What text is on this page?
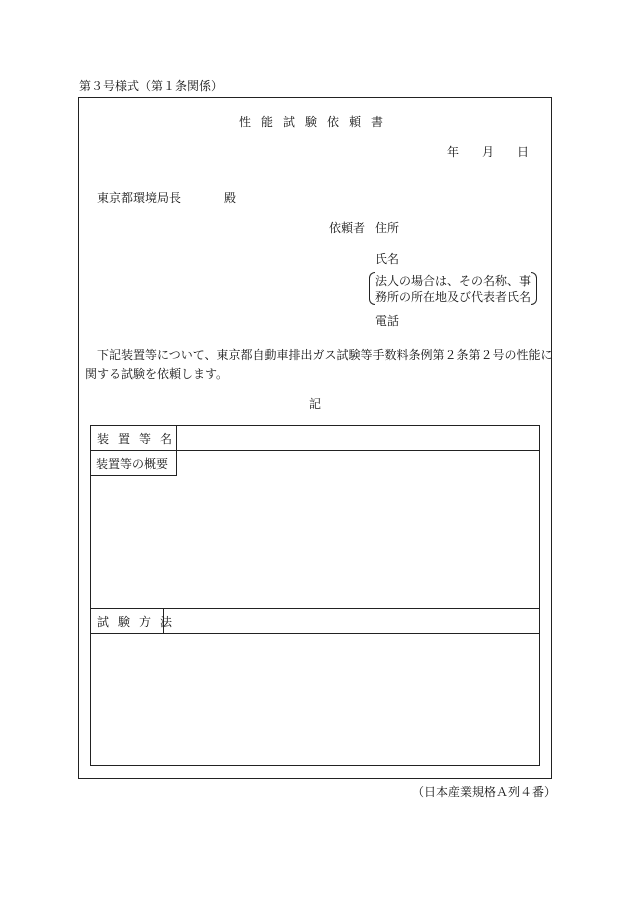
第３号様式（第１条関係）
性能試験依頼書
年 月 日
東京都環境局長	殿
依頼者 住所
氏名
法人の場合は、その名称、事
務所の所在地及び代表者氏名
電話
下記装置等について、東京都自動車排出ガス試験等手数料条例第２条第２号の性能に
関する試験を依頼します。
記
装置等名
装置等の概要
試験方法
（日本産業規格Ａ列４番）
